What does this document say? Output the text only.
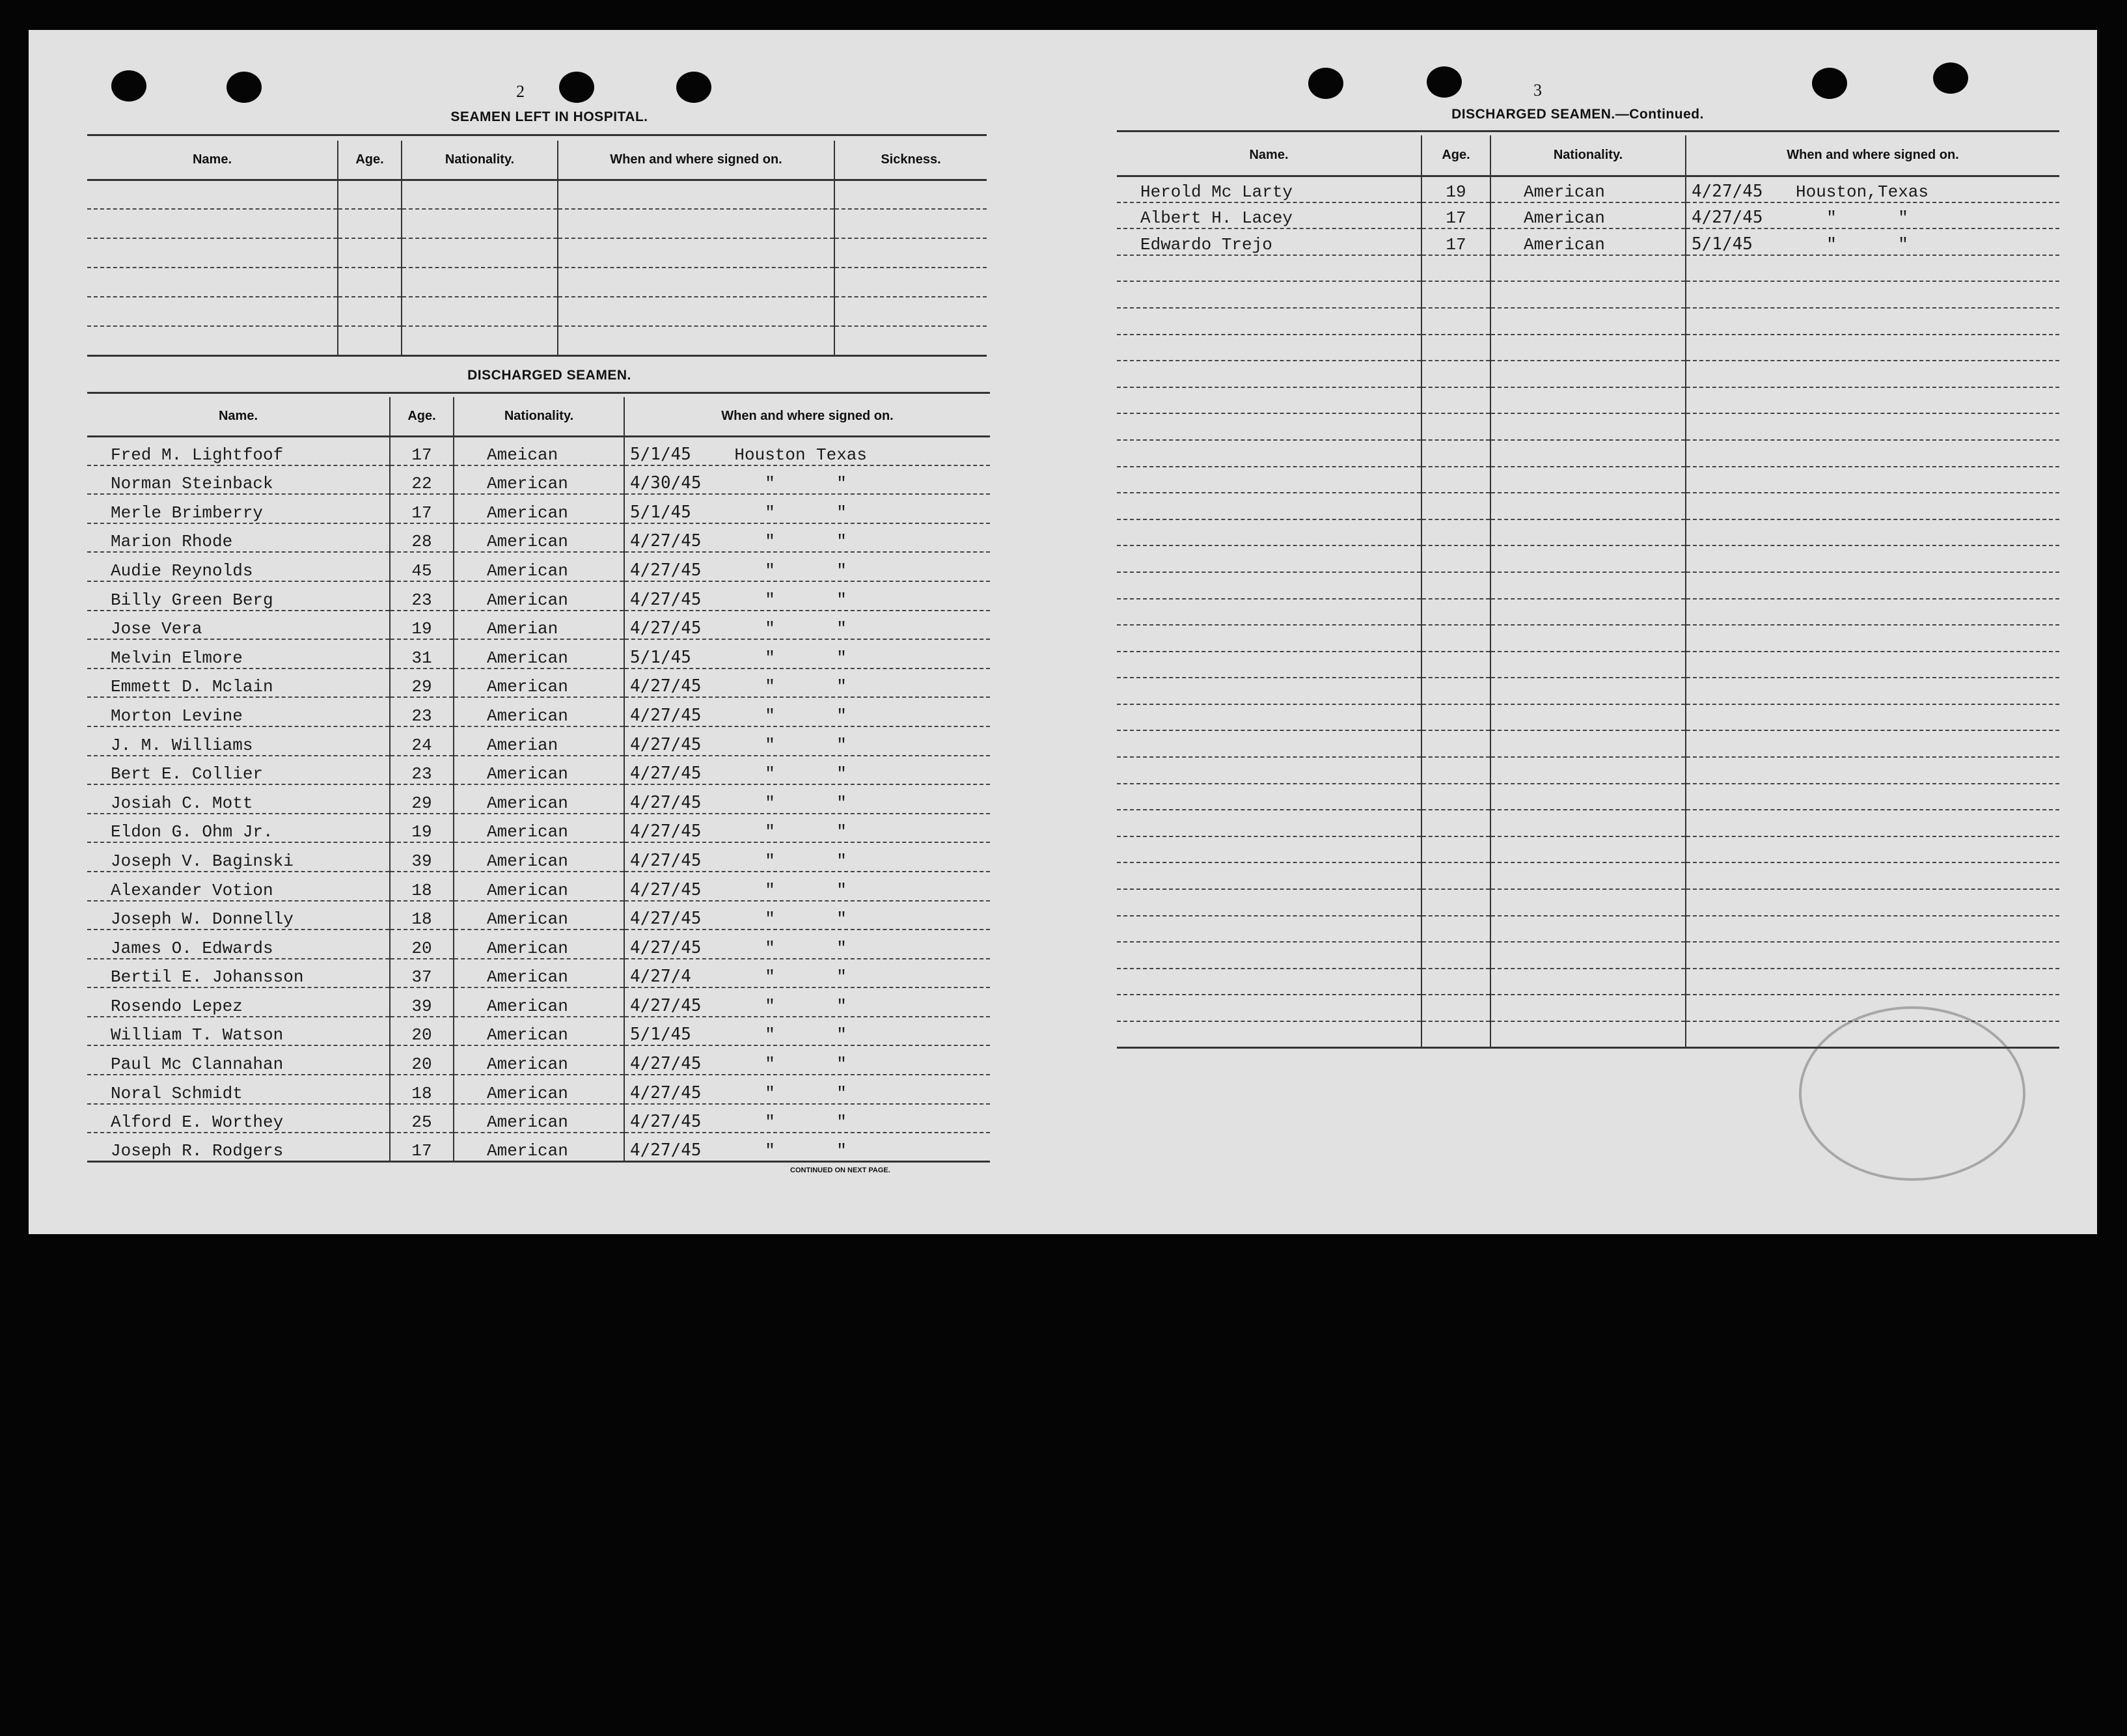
2
SEAMEN LEFT IN HOSPITAL.
Name.	Age.	Nationality.	When and where signed on.	Sickness.

DISCHARGED SEAMEN.
Name.	Age.	Nationality.	When and where signed on.
Fred M. Lightfoof	17	Ameican	5/1/45 Houston Texas
Norman Steinback	22	American	4/30/45 " "
Merle Brimberry	17	American	5/1/45 " "
Marion Rhode	28	American	4/27/45 " "
Audie Reynolds	45	American	4/27/45 " "
Billy Green Berg	23	American	4/27/45 " "
Jose Vera	19	Amerian	4/27/45 " "
Melvin Elmore	31	American	5/1/45 " "
Emmett D. Mclain	29	American	4/27/45 " "
Morton Levine	23	American	4/27/45 " "
J. M. Williams	24	Amerian	4/27/45 " "
Bert E. Collier	23	American	4/27/45 " "
Josiah C. Mott	29	American	4/27/45 " "
Eldon G. Ohm Jr.	19	American	4/27/45 " "
Joseph V. Baginski	39	American	4/27/45 " "
Alexander Votion	18	American	4/27/45 " "
Joseph W. Donnelly	18	American	4/27/45 " "
James O. Edwards	20	American	4/27/45 " "
Bertil E. Johansson	37	American	4/27/4 " "
Rosendo Lepez	39	American	4/27/45 " "
William T. Watson	20	American	5/1/45 " "
Paul Mc Clannahan	20	American	4/27/45 " "
Noral Schmidt	18	American	4/27/45 " "
Alford E. Worthey	25	American	4/27/45 " "
Joseph R. Rodgers	17	American	4/27/45 " "
CONTINUED ON NEXT PAGE.
3
DISCHARGED SEAMEN.—Continued.
Name.	Age.	Nationality.	When and where signed on.
Herold Mc Larty	19	American	4/27/45 Houston,Texas
Albert H. Lacey	17	American	4/27/45 " "
Edwardo Trejo	17	American	5/1/45 " "
